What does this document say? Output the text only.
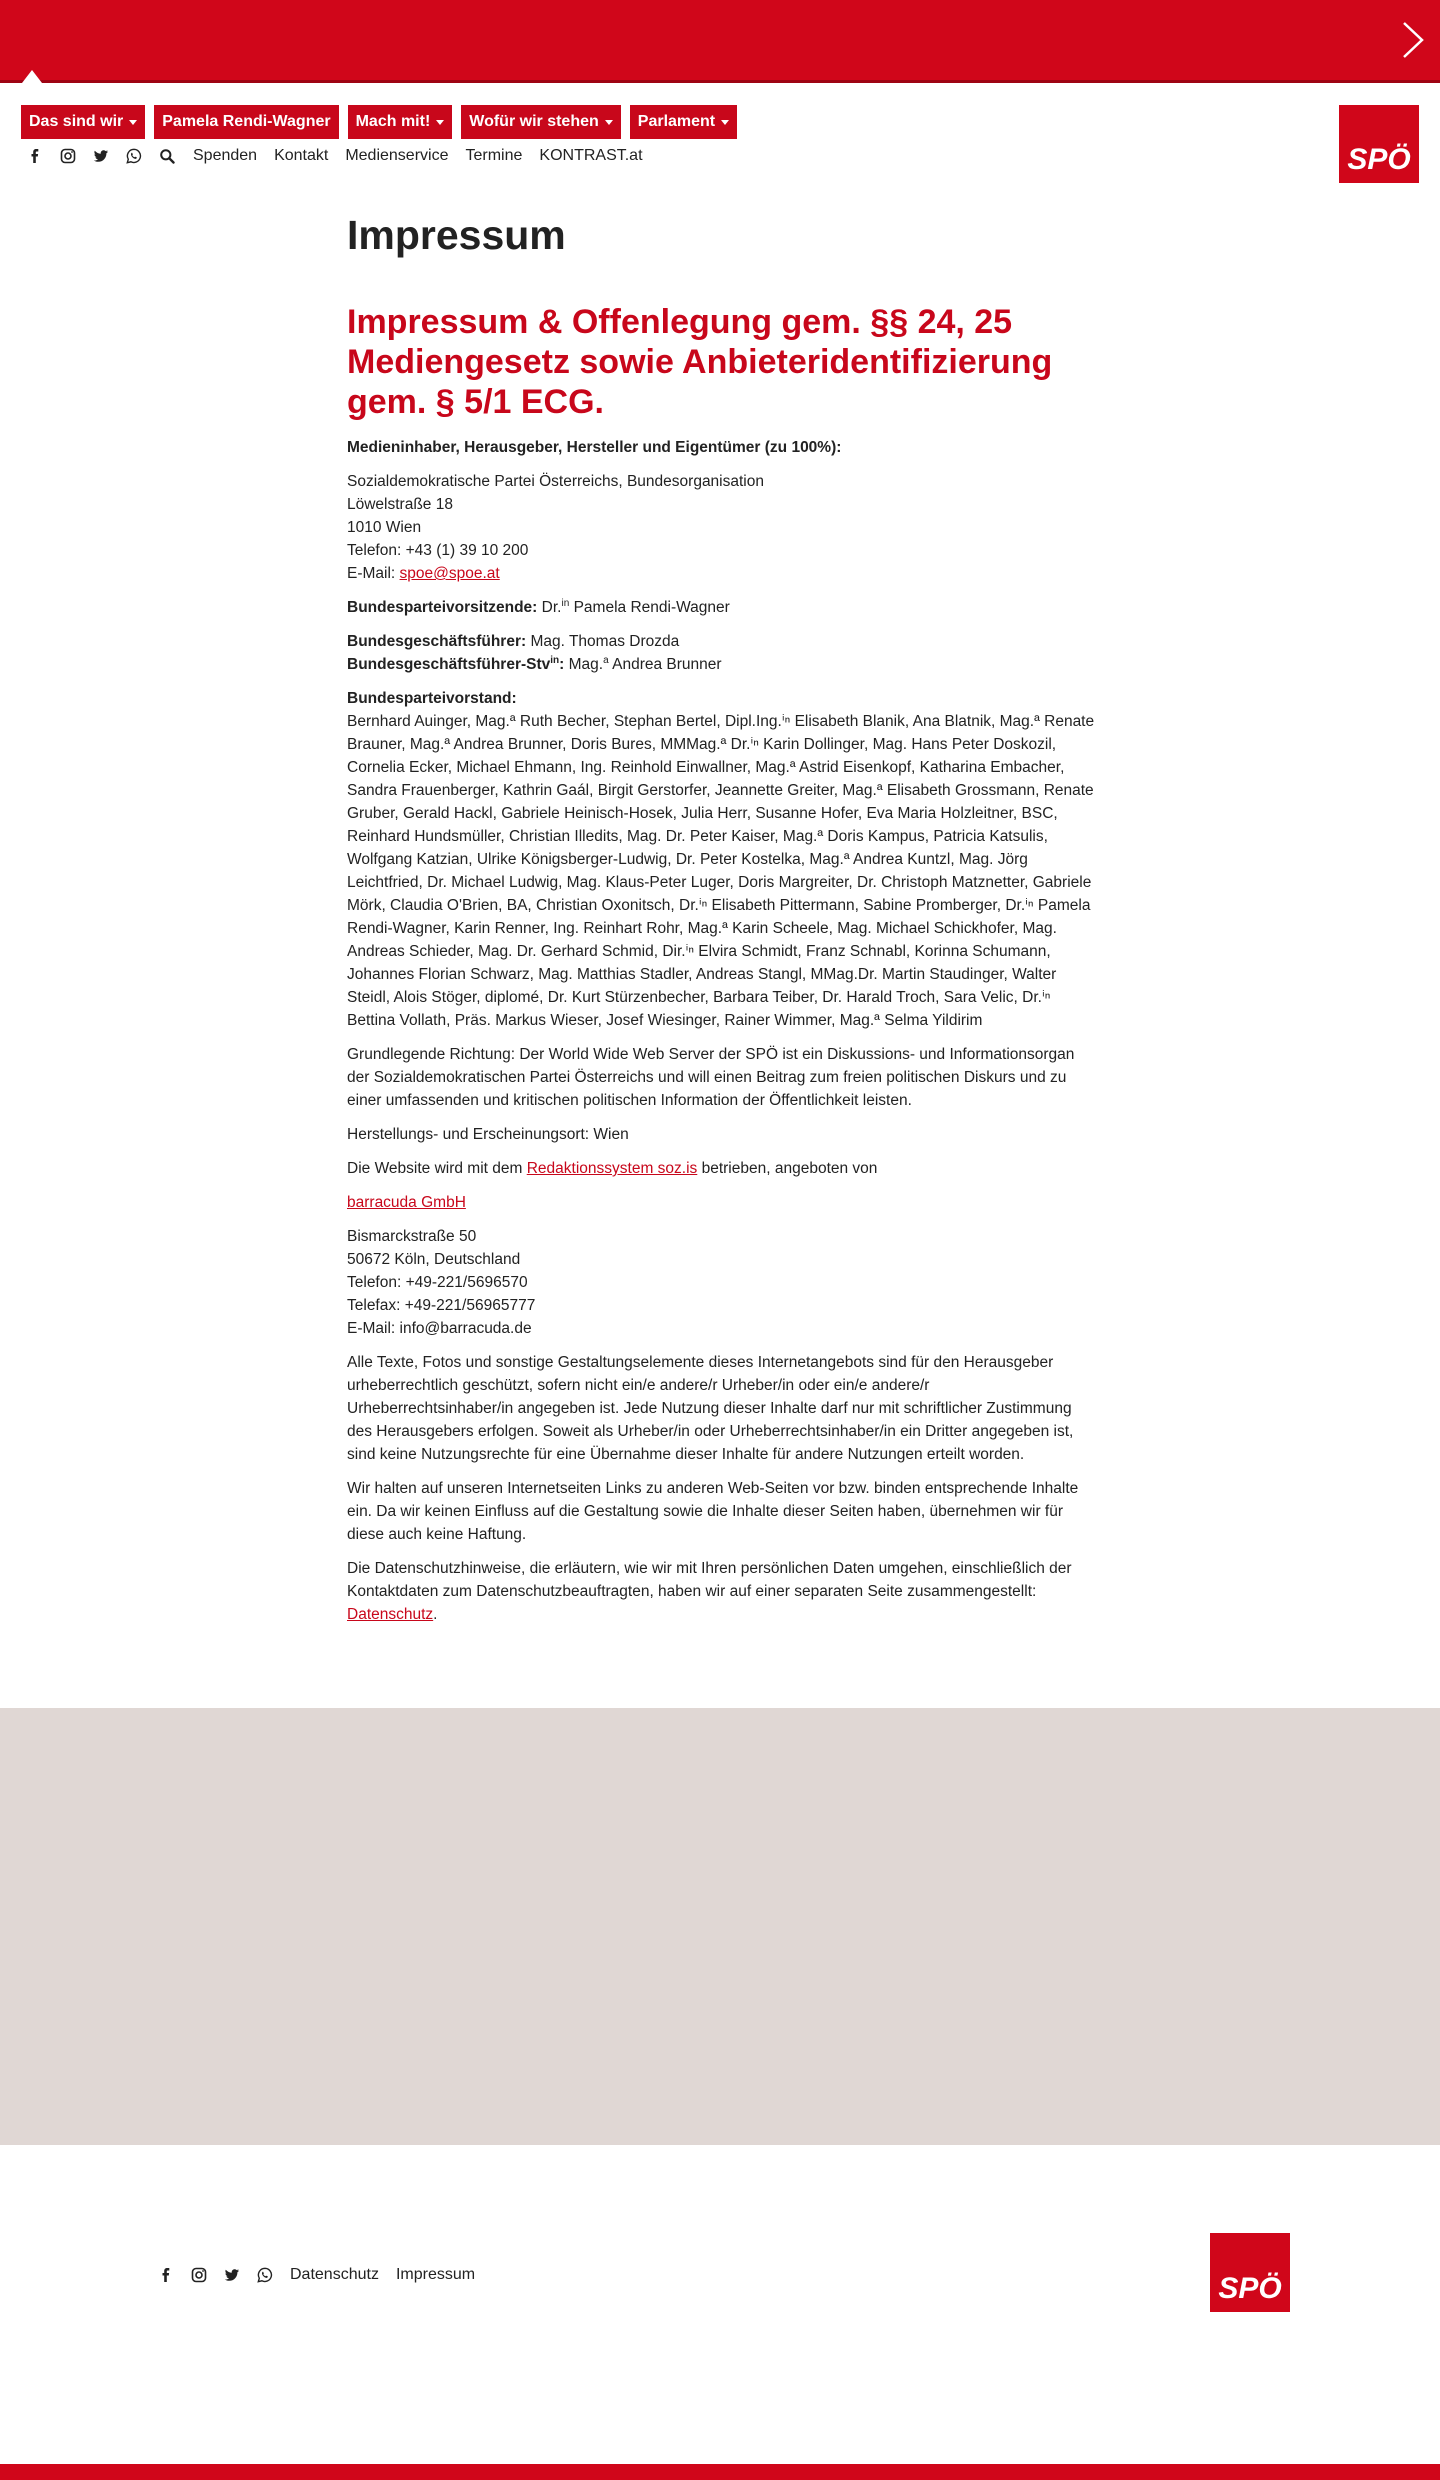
Das sind wir Pamela Rendi-Wagner Mach mit! Wofür wir stehen Parlament
Spenden Kontakt Medienservice Termine KONTRAST.at	SPÖ
Impressum
Impressum & Offenlegung gem. §§ 24, 25 Mediengesetz sowie Anbieteridentifizierung gem. § 5/1 ECG.

Medieninhaber, Herausgeber, Hersteller und Eigentümer (zu 100%):

Sozialdemokratische Partei Österreichs, Bundesorganisation
Löwelstraße 18
1010 Wien
Telefon: +43 (1) 39 10 200
E-Mail: spoe@spoe.at

Bundesparteivorsitzende: Dr.$^{in}$ Pamela Rendi-Wagner

Bundesgeschäftsführer: Mag. Thomas Drozda
Bundesgeschäftsführer-Stv$^{in}$: Mag.$^a$ Andrea Brunner

Bundesparteivorstand:
Bernhard Auinger, Mag.ª Ruth Becher, Stephan Bertel, Dipl.Ing.ⁱⁿ Elisabeth Blanik, Ana Blatnik, Mag.ª Renate Brauner, Mag.ª Andrea Brunner, Doris Bures, MMMag.ª Dr.ⁱⁿ Karin Dollinger, Mag. Hans Peter Doskozil, Cornelia Ecker, Michael Ehmann, Ing. Reinhold Einwallner, Mag.ª Astrid Eisenkopf, Katharina Embacher, Sandra Frauenberger, Kathrin Gaál, Birgit Gerstorfer, Jeannette Greiter, Mag.ª Elisabeth Grossmann, Renate Gruber, Gerald Hackl, Gabriele Heinisch-Hosek, Julia Herr, Susanne Hofer, Eva Maria Holzleitner, BSC, Reinhard Hundsmüller, Christian Illedits, Mag. Dr. Peter Kaiser, Mag.ª Doris Kampus, Patricia Katsulis, Wolfgang Katzian, Ulrike Königsberger-Ludwig, Dr. Peter Kostelka, Mag.ª Andrea Kuntzl, Mag. Jörg Leichtfried, Dr. Michael Ludwig, Mag. Klaus-Peter Luger, Doris Margreiter, Dr. Christoph Matznetter, Gabriele Mörk, Claudia O'Brien, BA, Christian Oxonitsch, Dr.ⁱⁿ Elisabeth Pittermann, Sabine Promberger, Dr.ⁱⁿ Pamela Rendi-Wagner, Karin Renner, Ing. Reinhart Rohr, Mag.ª Karin Scheele, Mag. Michael Schickhofer, Mag. Andreas Schieder, Mag. Dr. Gerhard Schmid, Dir.ⁱⁿ Elvira Schmidt, Franz Schnabl, Korinna Schumann, Johannes Florian Schwarz, Mag. Matthias Stadler, Andreas Stangl, MMag.Dr. Martin Staudinger, Walter Steidl, Alois Stöger, diplomé, Dr. Kurt Stürzenbecher, Barbara Teiber, Dr. Harald Troch, Sara Velic, Dr.ⁱⁿ Bettina Vollath, Präs. Markus Wieser, Josef Wiesinger, Rainer Wimmer, Mag.ª Selma Yildirim

Grundlegende Richtung: Der World Wide Web Server der SPÖ ist ein Diskussions- und Informationsorgan der Sozialdemokratischen Partei Österreichs und will einen Beitrag zum freien politischen Diskurs und zu einer umfassenden und kritischen politischen Information der Öffentlichkeit leisten.

Herstellungs- und Erscheinungsort: Wien

Die Website wird mit dem Redaktionssystem soz.is betrieben, angeboten von

barracuda GmbH

Bismarckstraße 50
50672 Köln, Deutschland
Telefon: +49-221/5696570
Telefax: +49-221/56965777
E-Mail: info@barracuda.de

Alle Texte, Fotos und sonstige Gestaltungselemente dieses Internetangebots sind für den Herausgeber urheberrechtlich geschützt, sofern nicht ein/e andere/r Urheber/in oder ein/e andere/r Urheberrechtsinhaber/in angegeben ist. Jede Nutzung dieser Inhalte darf nur mit schriftlicher Zustimmung des Herausgebers erfolgen. Soweit als Urheber/in oder Urheberrechtsinhaber/in ein Dritter angegeben ist, sind keine Nutzungsrechte für eine Übernahme dieser Inhalte für andere Nutzungen erteilt worden.

Wir halten auf unseren Internetseiten Links zu anderen Web-Seiten vor bzw. binden entsprechende Inhalte ein. Da wir keinen Einfluss auf die Gestaltung sowie die Inhalte dieser Seiten haben, übernehmen wir für diese auch keine Haftung.

Die Datenschutzhinweise, die erläutern, wie wir mit Ihren persönlichen Daten umgehen, einschließlich der Kontaktdaten zum Datenschutzbeauftragten, haben wir auf einer separaten Seite zusammengestellt: Datenschutz.

Datenschutz Impressum	SPÖ
